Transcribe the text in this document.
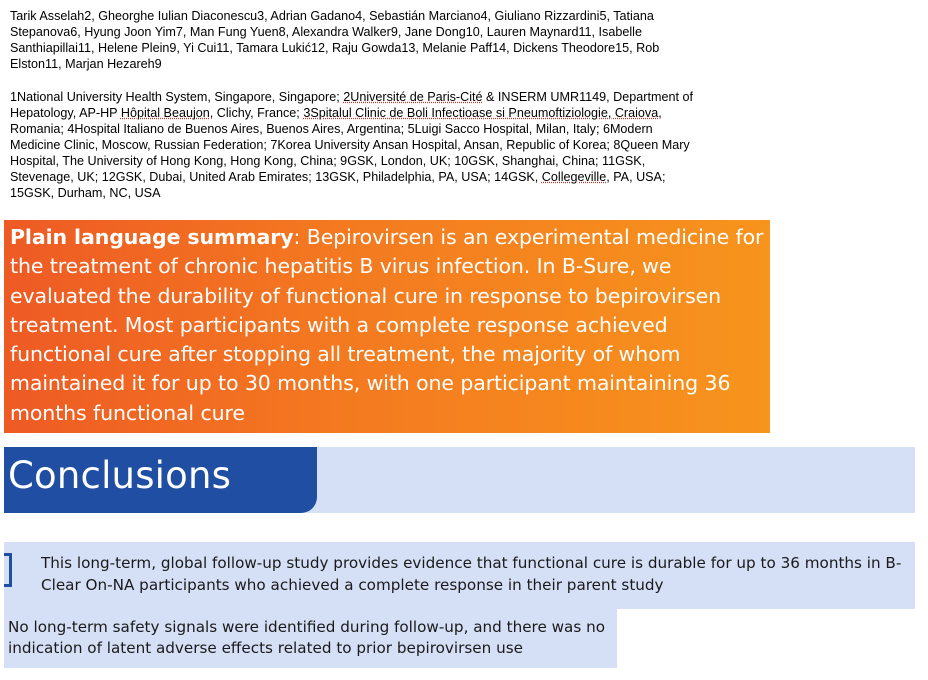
Tarik Asselah2, Gheorghe Iulian Diaconescu3, Adrian Gadano4, Sebastián Marciano4, Giuliano Rizzardini5, Tatiana Stepanova6, Hyung Joon Yim7, Man Fung Yuen8, Alexandra Walker9, Jane Dong10, Lauren Maynard11, Isabelle Santhiapillai11, Helene Plein9, Yi Cui11, Tamara Lukić12, Raju Gowda13, Melanie Paff14, Dickens Theodore15, Rob Elston11, Marjan Hezareh9
1National University Health System, Singapore, Singapore; 2Université de Paris-Cité & INSERM UMR1149, Department of Hepatology, AP-HP Hôpital Beaujon, Clichy, France; 3Spitalul Clinic de Boli Infectioase si Pneumoftiziologie, Craiova, Romania; 4Hospital Italiano de Buenos Aires, Buenos Aires, Argentina; 5Luigi Sacco Hospital, Milan, Italy; 6Modern Medicine Clinic, Moscow, Russian Federation; 7Korea University Ansan Hospital, Ansan, Republic of Korea; 8Queen Mary Hospital, The University of Hong Kong, Hong Kong, China; 9GSK, London, UK; 10GSK, Shanghai, China; 11GSK, Stevenage, UK; 12GSK, Dubai, United Arab Emirates; 13GSK, Philadelphia, PA, USA; 14GSK, Collegeville, PA, USA; 15GSK, Durham, NC, USA
Plain language summary: Bepirovirsen is an experimental medicine for the treatment of chronic hepatitis B virus infection. In B-Sure, we evaluated the durability of functional cure in response to bepirovirsen treatment. Most participants with a complete response achieved functional cure after stopping all treatment, the majority of whom maintained it for up to 30 months, with one participant maintaining 36 months functional cure
Conclusions
This long-term, global follow-up study provides evidence that functional cure is durable for up to 36 months in B-Clear On-NA participants who achieved a complete response in their parent study
No long-term safety signals were identified during follow-up, and there was no indication of latent adverse effects related to prior bepirovirsen use
